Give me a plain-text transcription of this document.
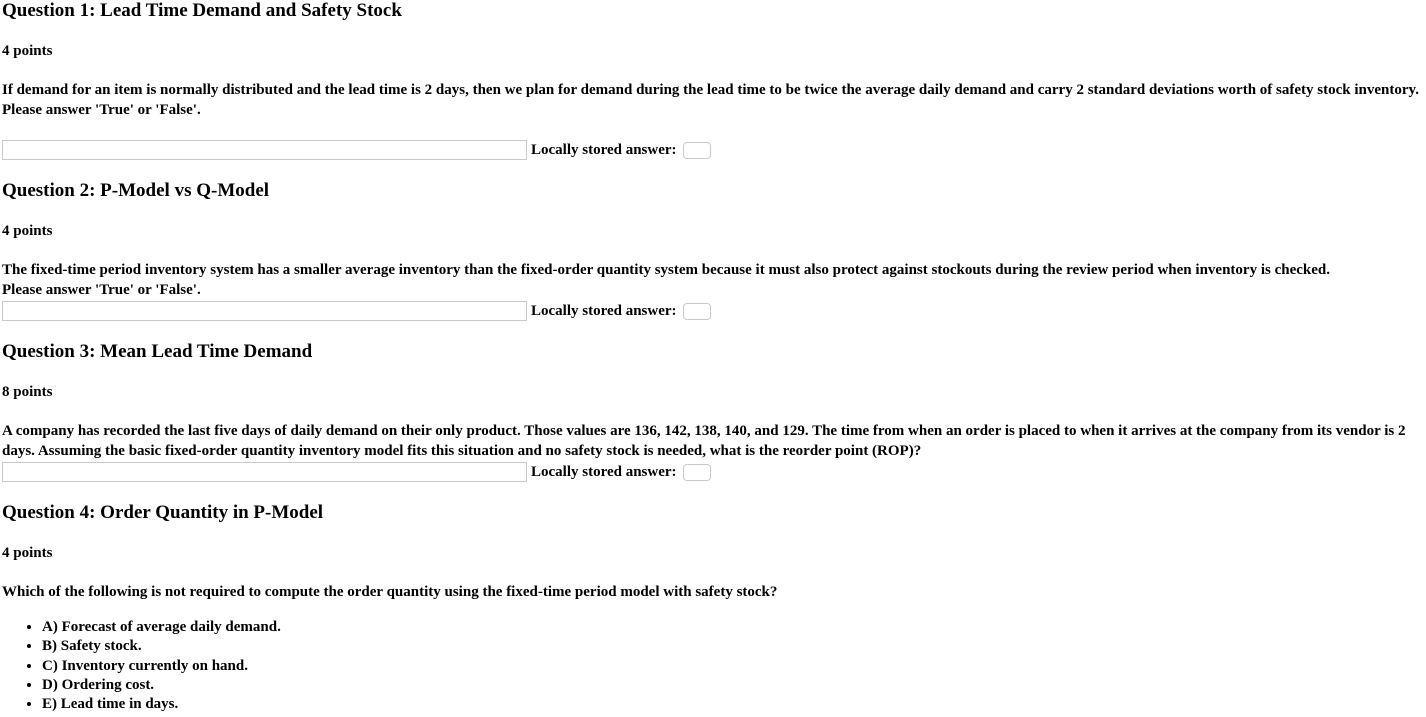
Question 1: Lead Time Demand and Safety Stock
4 points
If demand for an item is normally distributed and the lead time is 2 days, then we plan for demand during the lead time to be twice the average daily demand and carry 2 standard deviations worth of safety stock inventory.
Please answer 'True' or 'False'.
Locally stored answer:
Question 2: P-Model vs Q-Model
4 points
The fixed-time period inventory system has a smaller average inventory than the fixed-order quantity system because it must also protect against stockouts during the review period when inventory is checked.
Please answer 'True' or 'False'.
Locally stored answer:
Question 3: Mean Lead Time Demand
8 points
A company has recorded the last five days of daily demand on their only product. Those values are 136, 142, 138, 140, and 129. The time from when an order is placed to when it arrives at the company from its vendor is 2 days. Assuming the basic fixed-order quantity inventory model fits this situation and no safety stock is needed, what is the reorder point (ROP)?
Locally stored answer:
Question 4: Order Quantity in P-Model
4 points
Which of the following is not required to compute the order quantity using the fixed-time period model with safety stock?
• A) Forecast of average daily demand.
• B) Safety stock.
• C) Inventory currently on hand.
• D) Ordering cost.
• E) Lead time in days.
